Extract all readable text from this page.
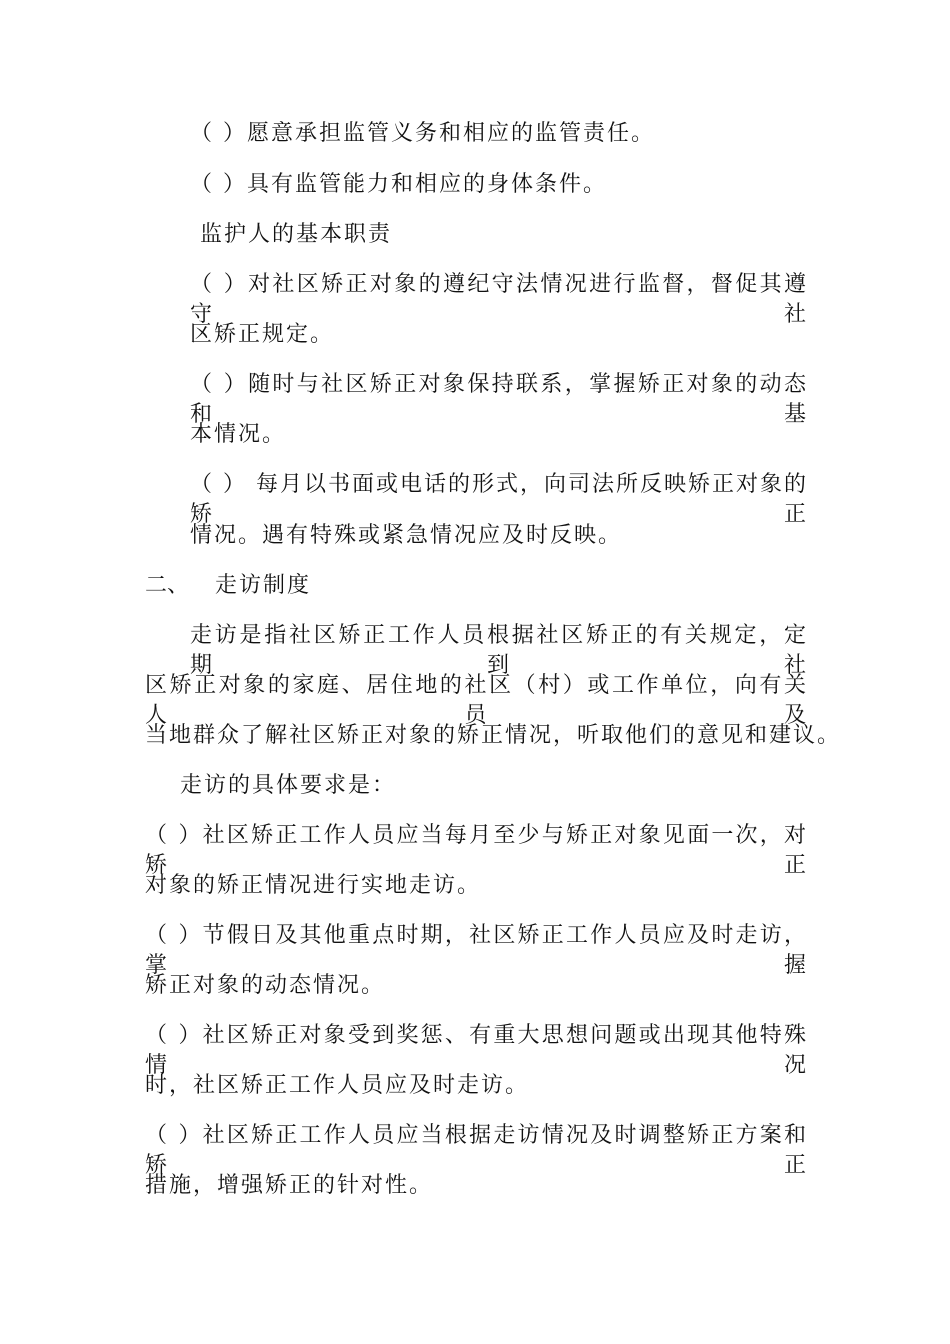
（ ）愿意承担监管义务和相应的监管责任。
（ ）具有监管能力和相应的身体条件。
监护人的基本职责
（ ）对社区矫正对象的遵纪守法情况进行监督，督促其遵守社
区矫正规定。
（ ）随时与社区矫正对象保持联系，掌握矫正对象的动态和基
本情况。
（ ） 每月以书面或电话的形式，向司法所反映矫正对象的矫正
情况。遇有特殊或紧急情况应及时反映。
二、 走访制度
走访是指社区矫正工作人员根据社区矫正的有关规定，定期到社
区矫正对象的家庭、居住地的社区（村）或工作单位，向有关人员及
当地群众了解社区矫正对象的矫正情况，听取他们的意见和建议。
走访的具体要求是：
（ ）社区矫正工作人员应当每月至少与矫正对象见面一次，对矫正
对象的矫正情况进行实地走访。
（ ）节假日及其他重点时期，社区矫正工作人员应及时走访，掌握
矫正对象的动态情况。
（ ）社区矫正对象受到奖惩、有重大思想问题或出现其他特殊情况
时，社区矫正工作人员应及时走访。
（ ）社区矫正工作人员应当根据走访情况及时调整矫正方案和矫正
措施，增强矫正的针对性。
